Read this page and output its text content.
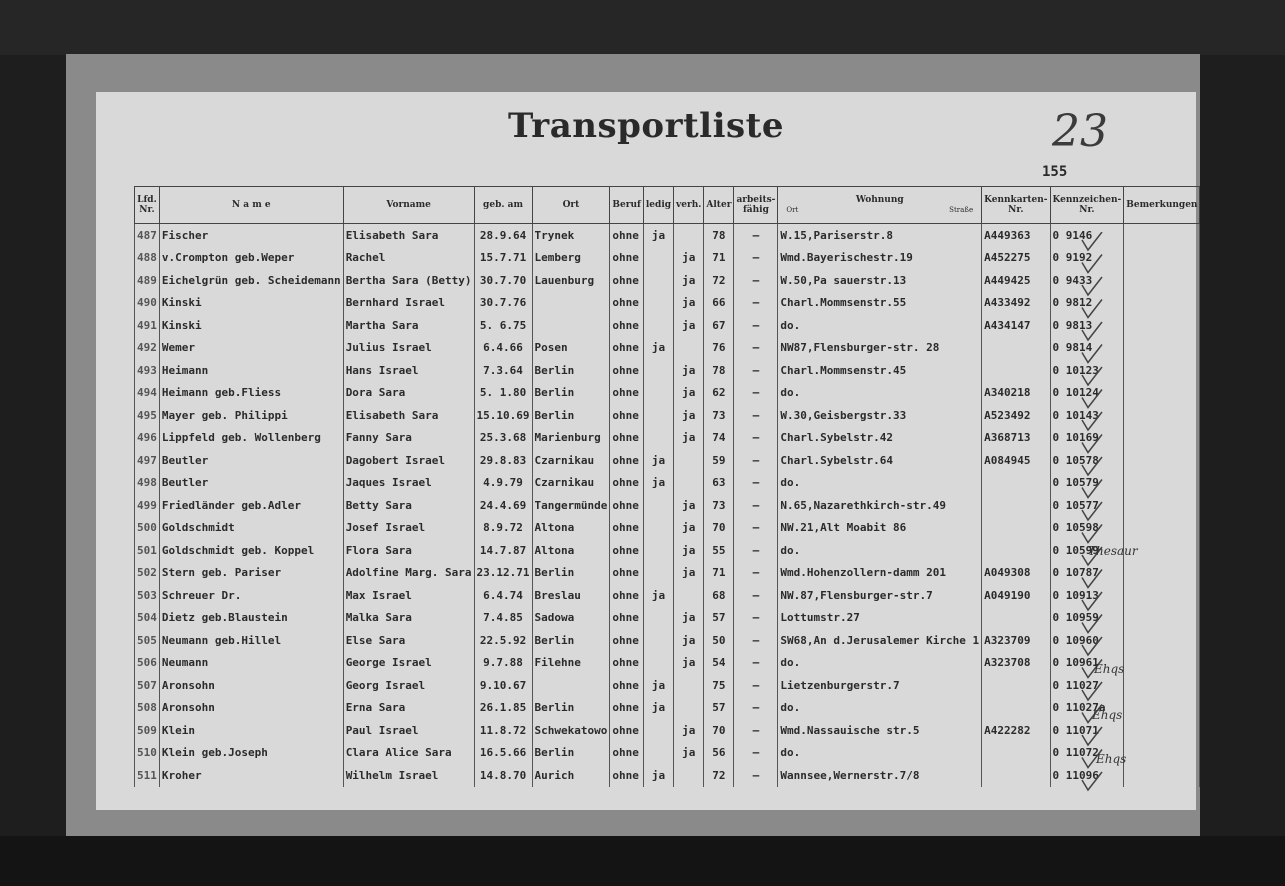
Transportliste	23
155
Lfd. Nr.	N a m e	Vorname	geb. am	Ort	Beruf	ledig	verh.	Alter	arbeits-fähig	Wohnung
Ort Straße	Kennkarten-Nr.	Kennzeichen-Nr.	Bemerkungen
487	Fischer	Elisabeth Sara	28.9.64	Trynek	ohne	ja		78	–	W.15,Pariserstr.8	A449363	0 9146	
488	v.Crompton geb.Weper	Rachel	15.7.71	Lemberg	ohne		ja	71	–	Wmd.Bayerischestr.19	A452275	0 9192	
489	Eichelgrün geb. Scheidemann	Bertha Sara (Betty)	30.7.70	Lauenburg	ohne		ja	72	–	W.50,Pa sauerstr.13	A449425	0 9433	
490	Kinski	Bernhard Israel	30.7.76		ohne		ja	66	–	Charl.Mommsenstr.55	A433492	0 9812	
491	Kinski	Martha Sara	5. 6.75		ohne		ja	67	–	do.	A434147	0 9813	
492	Wemer	Julius Israel	6.4.66	Posen	ohne	ja		76	–	NW87,Flensburger-str. 28		0 9814	
493	Heimann	Hans Israel	7.3.64	Berlin	ohne		ja	78	–	Charl.Mommsenstr.45		0 10123	
494	Heimann geb.Fliess	Dora Sara	5. 1.80	Berlin	ohne		ja	62	–	do.	A340218	0 10124	
495	Mayer geb. Philippi	Elisabeth Sara	15.10.69	Berlin	ohne		ja	73	–	W.30,Geisbergstr.33	A523492	0 10143	
496	Lippfeld geb. Wollenberg	Fanny Sara	25.3.68	Marienburg	ohne		ja	74	–	Charl.Sybelstr.42	A368713	0 10169	
497	Beutler	Dagobert Israel	29.8.83	Czarnikau	ohne	ja		59	–	Charl.Sybelstr.64	A084945	0 10578	
498	Beutler	Jaques Israel	4.9.79	Czarnikau	ohne	ja		63	–	do.		0 10579	
499	Friedländer geb.Adler	Betty Sara	24.4.69	Tangermünde	ohne		ja	73	–	N.65,Nazarethkirch-str.49		0 10577	
500	Goldschmidt	Josef Israel	8.9.72	Altona	ohne		ja	70	–	NW.21,Alt Moabit 86		0 10598	
501	Goldschmidt geb. Koppel	Flora Sara	14.7.87	Altona	ohne		ja	55	–	do.		0 10599	
502	Stern geb. Pariser	Adolfine Marg. Sara	23.12.71	Berlin	ohne		ja	71	–	Wmd.Hohenzollern-damm 201	A049308	0 10787	
503	Schreuer Dr.	Max Israel	6.4.74	Breslau	ohne	ja		68	–	NW.87,Flensburger-str.7	A049190	0 10913	
504	Dietz geb.Blaustein	Malka Sara	7.4.85	Sadowa	ohne		ja	57	–	Lottumstr.27		0 10959	
505	Neumann geb.Hillel	Else Sara	22.5.92	Berlin	ohne		ja	50	–	SW68,An d.Jerusalemer Kirche 1	A323709	0 10960	
506	Neumann	George Israel	9.7.88	Filehne	ohne		ja	54	–	do.	A323708	0 10961	
507	Aronsohn	Georg Israel	9.10.67		ohne	ja		75	–	Lietzenburgerstr.7		0 11027	
508	Aronsohn	Erna Sara	26.1.85	Berlin	ohne	ja		57	–	do.		0 11027a	
509	Klein	Paul Israel	11.8.72	Schwekatowo	ohne		ja	70	–	Wmd.Nassauische str.5	A422282	0 11071	
510	Klein geb.Joseph	Clara Alice Sara	16.5.66	Berlin	ohne		ja	56	–	do.		0 11072	
511	Kroher	Wilhelm Israel	14.8.70	Aurich	ohne	ja		72	–	Wannsee,Wernerstr.7/8		0 11096	
Thesaur
Ehqs
Ehqs
Ehqs
